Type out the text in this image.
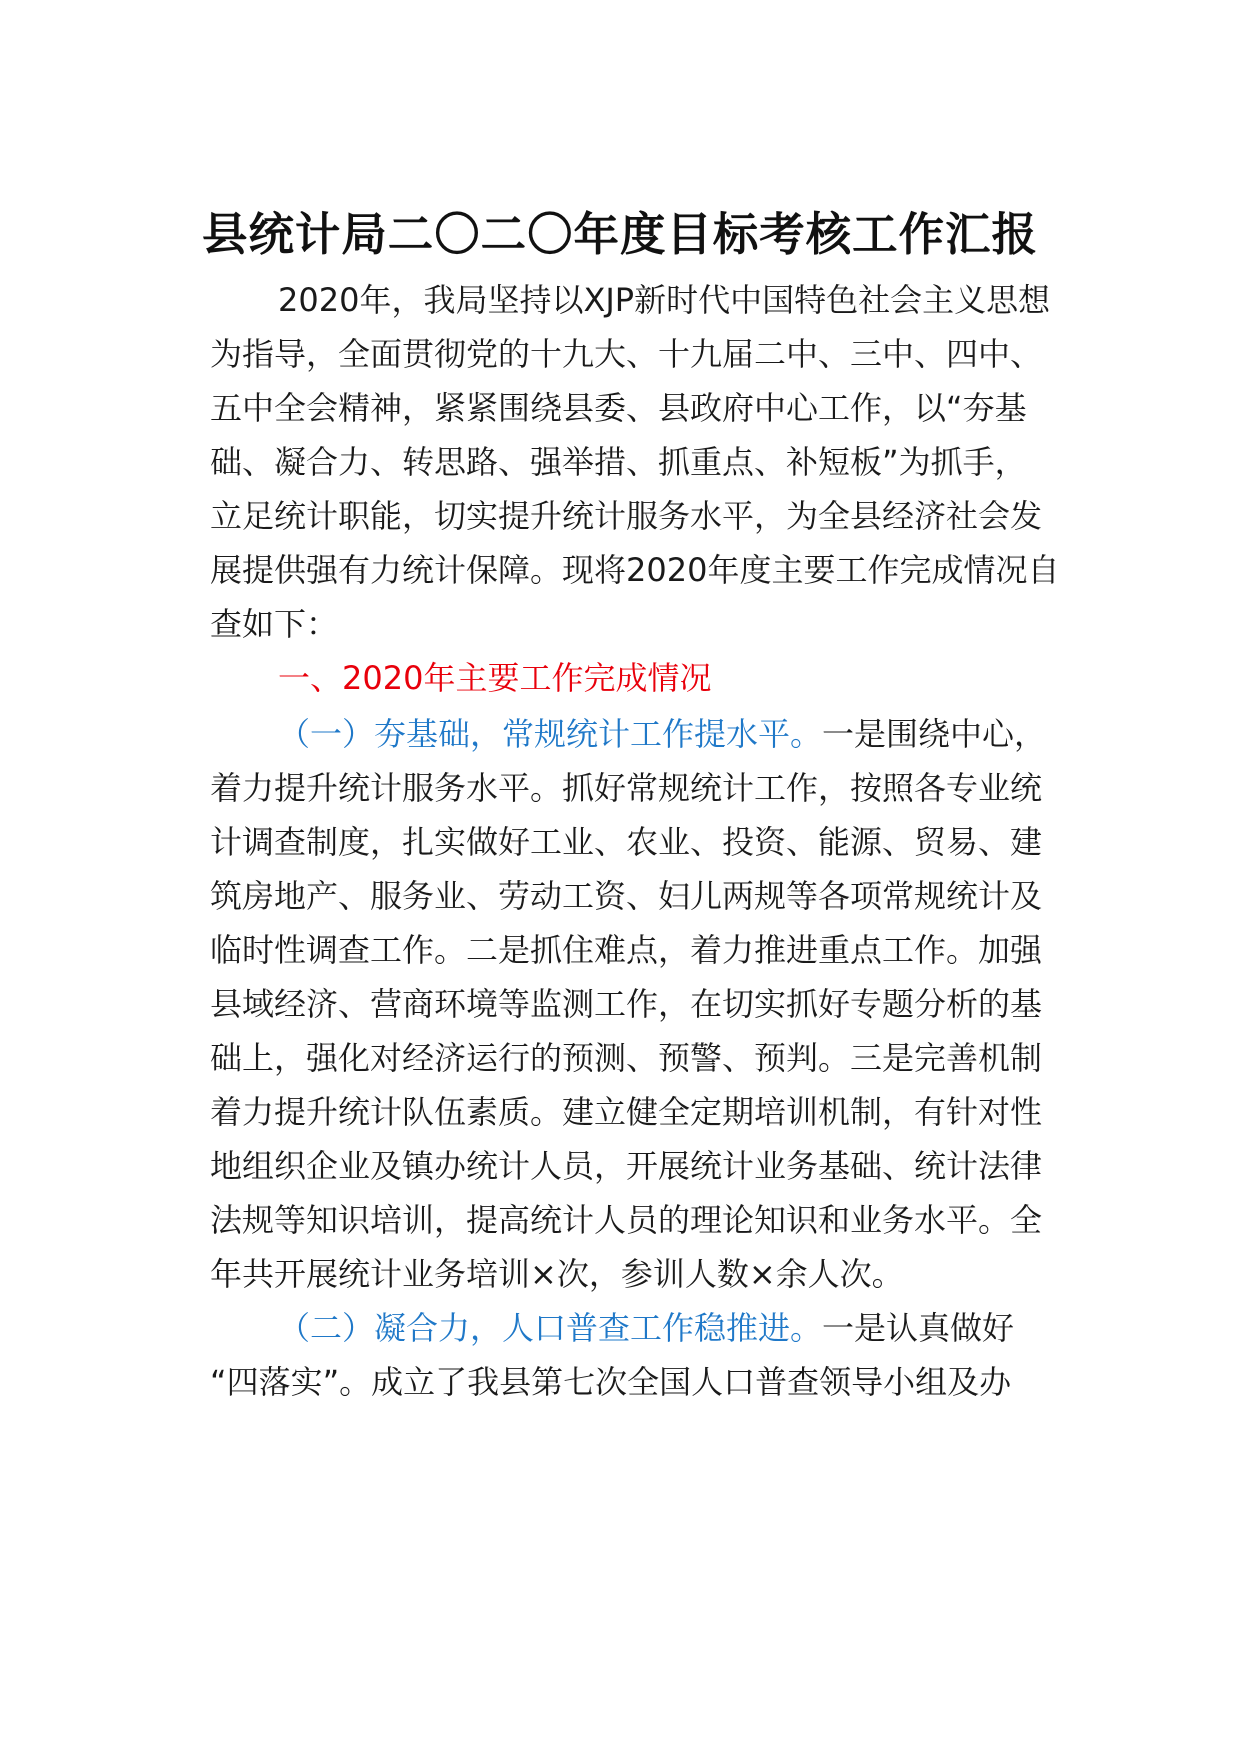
县统计局二〇二〇年度目标考核工作汇报
2020年，我局坚持以XJP新时代中国特色社会主义思想
为指导，全面贯彻党的十九大、十九届二中、三中、四中、
五中全会精神，紧紧围绕县委、县政府中心工作，以“夯基
础、凝合力、转思路、强举措、抓重点、补短板”为抓手，
立足统计职能，切实提升统计服务水平，为全县经济社会发
展提供强有力统计保障。现将2020年度主要工作完成情况自
查如下：
一、2020年主要工作完成情况
（一）夯基础，常规统计工作提水平。一是围绕中心，
着力提升统计服务水平。抓好常规统计工作，按照各专业统
计调查制度，扎实做好工业、农业、投资、能源、贸易、建
筑房地产、服务业、劳动工资、妇儿两规等各项常规统计及
临时性调查工作。二是抓住难点，着力推进重点工作。加强
县域经济、营商环境等监测工作，在切实抓好专题分析的基
础上，强化对经济运行的预测、预警、预判。三是完善机制
着力提升统计队伍素质。建立健全定期培训机制，有针对性
地组织企业及镇办统计人员，开展统计业务基础、统计法律
法规等知识培训，提高统计人员的理论知识和业务水平。全
年共开展统计业务培训×次，参训人数×余人次。
（二）凝合力，人口普查工作稳推进。一是认真做好
“四落实”。成立了我县第七次全国人口普查领导小组及办
